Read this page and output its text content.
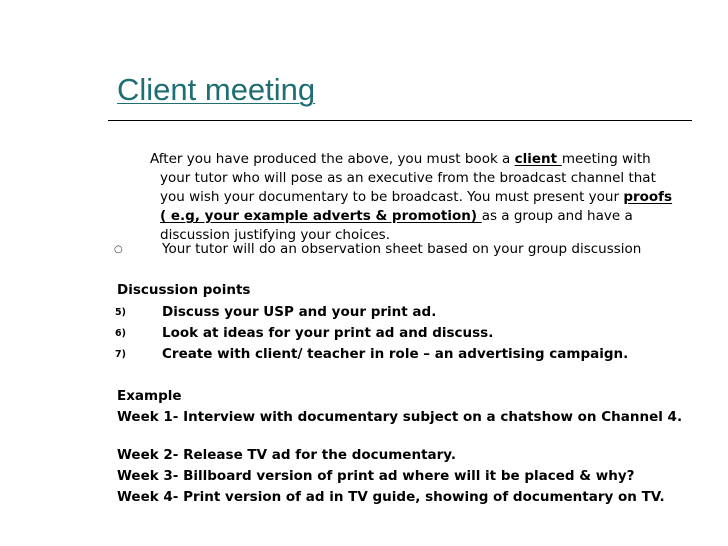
Client meeting
After you have produced the above, you must book a client meeting with your tutor who will pose as an executive from the broadcast channel that you wish your documentary to be broadcast. You must present your proofs ( e.g, your example adverts & promotion) as a group and have a discussion justifying your choices.
○	Your tutor will do an observation sheet based on your group discussion
Discussion points
5)	Discuss your USP and your print ad.
6)	Look at ideas for your print ad and discuss.
7)	Create with client/ teacher in role – an advertising campaign.
Example
Week 1- Interview with documentary subject on a chatshow on Channel 4.
Week 2- Release TV ad for the documentary.
Week 3- Billboard version of print ad where will it be placed & why?
Week 4- Print version of ad in TV guide, showing of documentary on TV.
